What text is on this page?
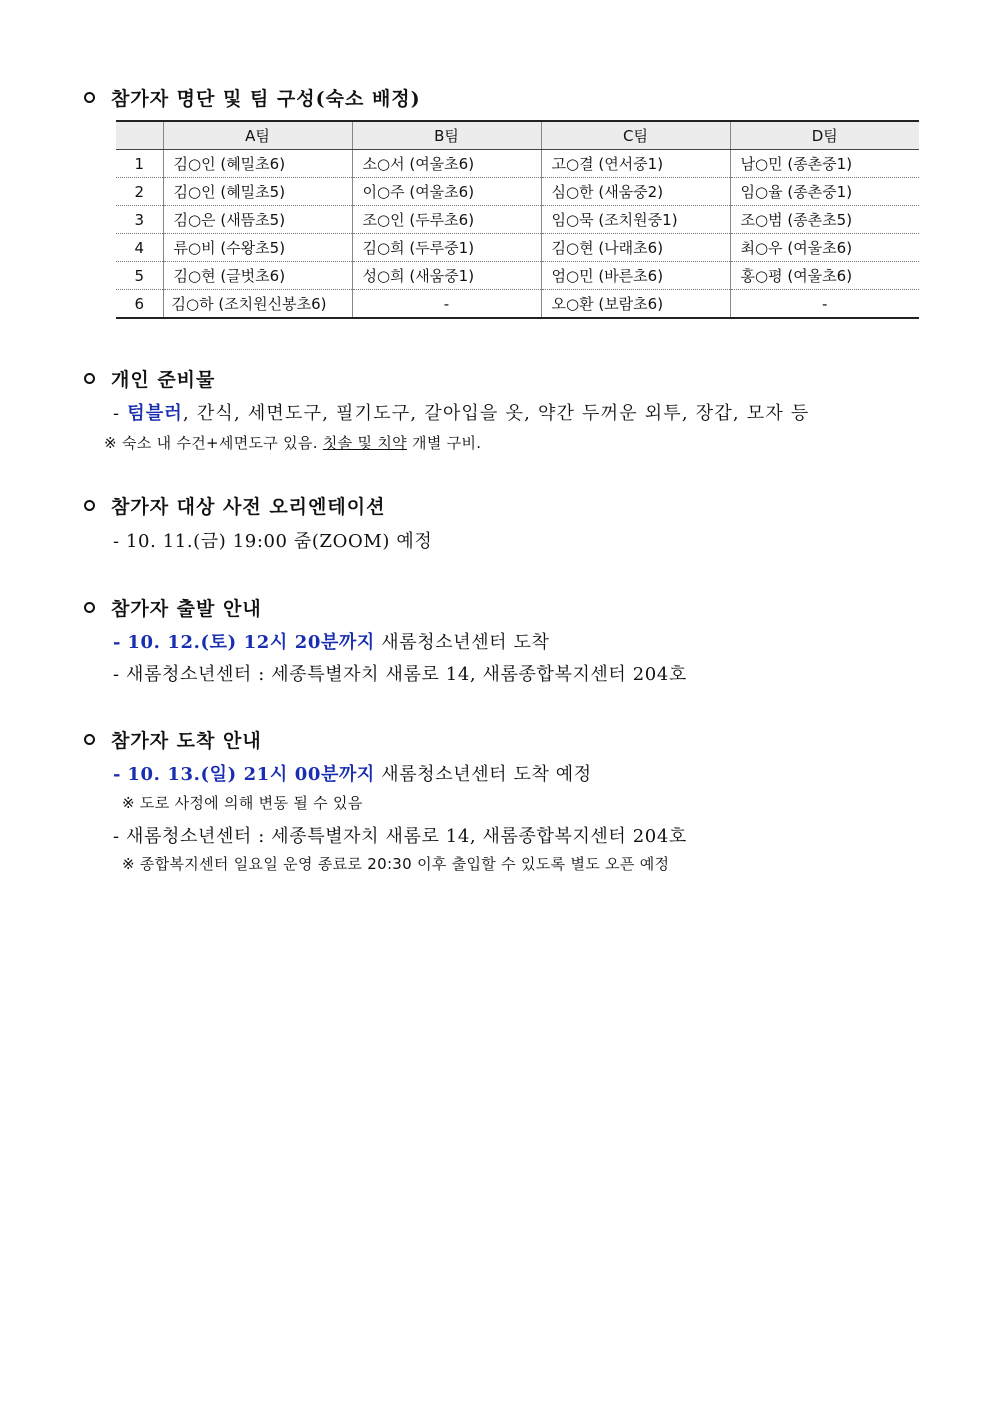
참가자 명단 및 팀 구성(숙소 배정)
	A팀	B팀	C팀	D팀
1	김○인 (혜밀초6)	소○서 (여울초6)	고○결 (연서중1)	남○민 (종촌중1)
2	김○인 (혜밀초5)	이○주 (여울초6)	심○한 (새움중2)	임○율 (종촌중1)
3	김○은 (새뜸초5)	조○인 (두루초6)	임○묵 (조치원중1)	조○범 (종촌초5)
4	류○비 (수왕초5)	김○희 (두루중1)	김○현 (나래초6)	최○우 (여울초6)
5	김○현 (글벗초6)	성○희 (새움중1)	엄○민 (바른초6)	홍○평 (여울초6)
6	김○하 (조치원신봉초6)	-	오○환 (보람초6)	-
개인 준비물
- 텀블러, 간식, 세면도구, 필기도구, 갈아입을 옷, 약간 두꺼운 외투, 장갑, 모자 등
※ 숙소 내 수건+세면도구 있음. 칫솔 및 치약 개별 구비.
참가자 대상 사전 오리엔테이션
- 10. 11.(금) 19:00 줌(ZOOM) 예정
참가자 출발 안내
- 10. 12.(토) 12시 20분까지 새롬청소년센터 도착
- 새롬청소년센터 : 세종특별자치 새롬로 14, 새롬종합복지센터 204호
참가자 도착 안내
- 10. 13.(일) 21시 00분까지 새롬청소년센터 도착 예정
※ 도로 사정에 의해 변동 될 수 있음
- 새롬청소년센터 : 세종특별자치 새롬로 14, 새롬종합복지센터 204호
※ 종합복지센터 일요일 운영 종료로 20:30 이후 출입할 수 있도록 별도 오픈 예정
